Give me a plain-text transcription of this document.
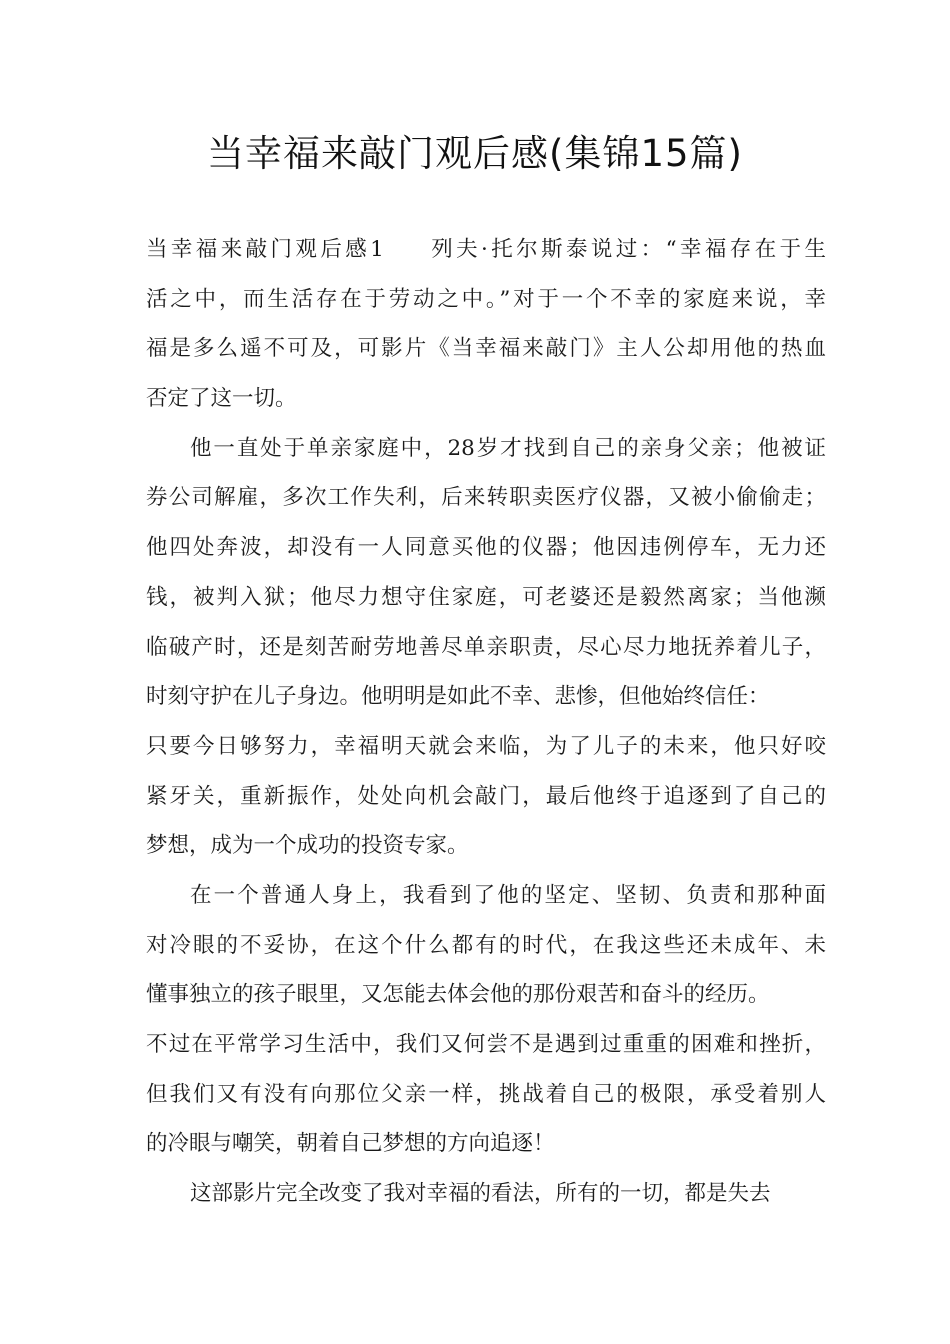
当幸福来敲门观后感(集锦15篇)
当幸福来敲门观后感1 列夫·托尔斯泰说过：“幸福存在于生
活之中，而生活存在于劳动之中。”对于一个不幸的家庭来说，幸
福是多么遥不可及，可影片《当幸福来敲门》主人公却用他的热血
否定了这一切。
他一直处于单亲家庭中，28岁才找到自己的亲身父亲；他被证
券公司解雇，多次工作失利，后来转职卖医疗仪器，又被小偷偷走；
他四处奔波，却没有一人同意买他的仪器；他因违例停车，无力还
钱，被判入狱；他尽力想守住家庭，可老婆还是毅然离家；当他濒
临破产时，还是刻苦耐劳地善尽单亲职责，尽心尽力地抚养着儿子，
时刻守护在儿子身边。他明明是如此不幸、悲惨，但他始终信任：
只要今日够努力，幸福明天就会来临，为了儿子的未来，他只好咬
紧牙关，重新振作，处处向机会敲门，最后他终于追逐到了自己的
梦想，成为一个成功的投资专家。
在一个普通人身上，我看到了他的坚定、坚韧、负责和那种面
对冷眼的不妥协，在这个什么都有的时代，在我这些还未成年、未
懂事独立的孩子眼里，又怎能去体会他的那份艰苦和奋斗的经历。
不过在平常学习生活中，我们又何尝不是遇到过重重的困难和挫折，
但我们又有没有向那位父亲一样，挑战着自己的极限，承受着别人
的冷眼与嘲笑，朝着自己梦想的方向追逐！
这部影片完全改变了我对幸福的看法，所有的一切，都是失去
